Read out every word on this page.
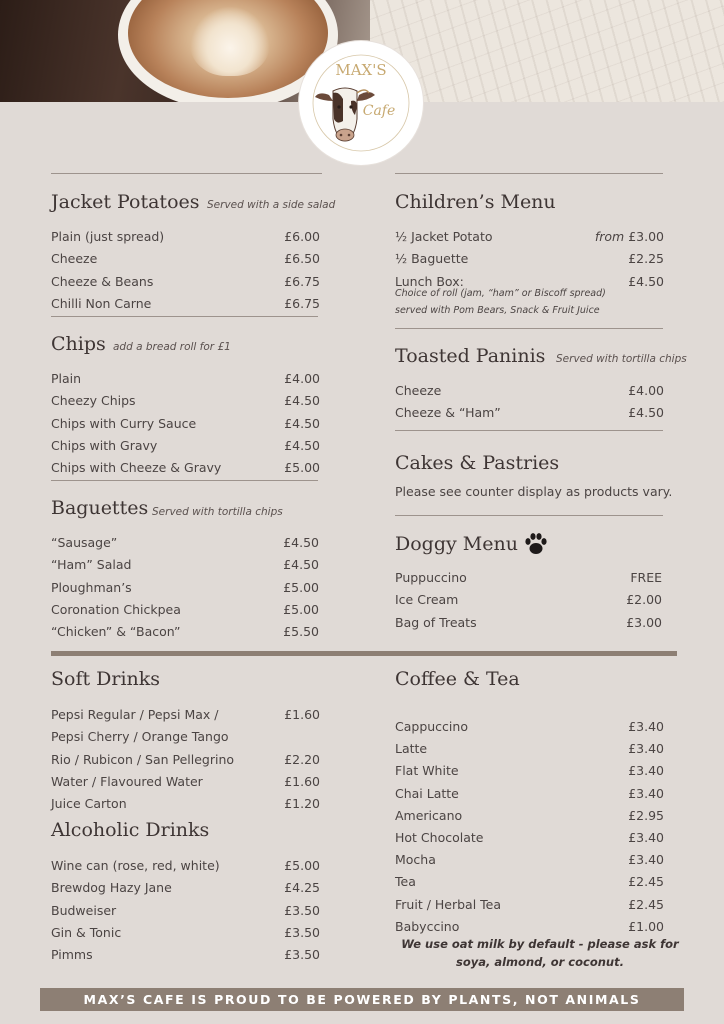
MAX'S
Cafe
Jacket Potatoes Served with a side salad
Plain (just spread)	£6.00
Cheeze	£6.50
Cheeze & Beans	£6.75
Chilli Non Carne	£6.75
Chips add a bread roll for £1
Plain	£4.00
Cheezy Chips	£4.50
Chips with Curry Sauce	£4.50
Chips with Gravy	£4.50
Chips with Cheeze & Gravy	£5.00
Baguettes Served with tortilla chips
“Sausage”	£4.50
“Ham” Salad	£4.50
Ploughman’s	£5.00
Coronation Chickpea	£5.00
“Chicken” & “Bacon”	£5.50
Children’s Menu
½ Jacket Potato	from £3.00
½ Baguette	£2.25
Lunch Box:	£4.50
Choice of roll (jam, “ham” or Biscoff spread)
served with Pom Bears, Snack & Fruit Juice
Toasted Paninis Served with tortilla chips
Cheeze	£4.00
Cheeze & “Ham”	£4.50
Cakes & Pastries
Please see counter display as products vary.
Doggy Menu
Puppuccino	FREE
Ice Cream	£2.00
Bag of Treats	£3.00
Soft Drinks
Pepsi Regular / Pepsi Max /	£1.60
Pepsi Cherry / Orange Tango
Rio / Rubicon / San Pellegrino	£2.20
Water / Flavoured Water	£1.60
Juice Carton	£1.20
Alcoholic Drinks
Wine can (rose, red, white)	£5.00
Brewdog Hazy Jane	£4.25
Budweiser	£3.50
Gin & Tonic	£3.50
Pimms	£3.50
Coffee & Tea
Cappuccino	£3.40
Latte	£3.40
Flat White	£3.40
Chai Latte	£3.40
Americano	£2.95
Hot Chocolate	£3.40
Mocha	£3.40
Tea	£2.45
Fruit / Herbal Tea	£2.45
Babyccino	£1.00
We use oat milk by default - please ask for
soya, almond, or coconut.
MAX’S CAFE IS PROUD TO BE POWERED BY PLANTS, NOT ANIMALS
